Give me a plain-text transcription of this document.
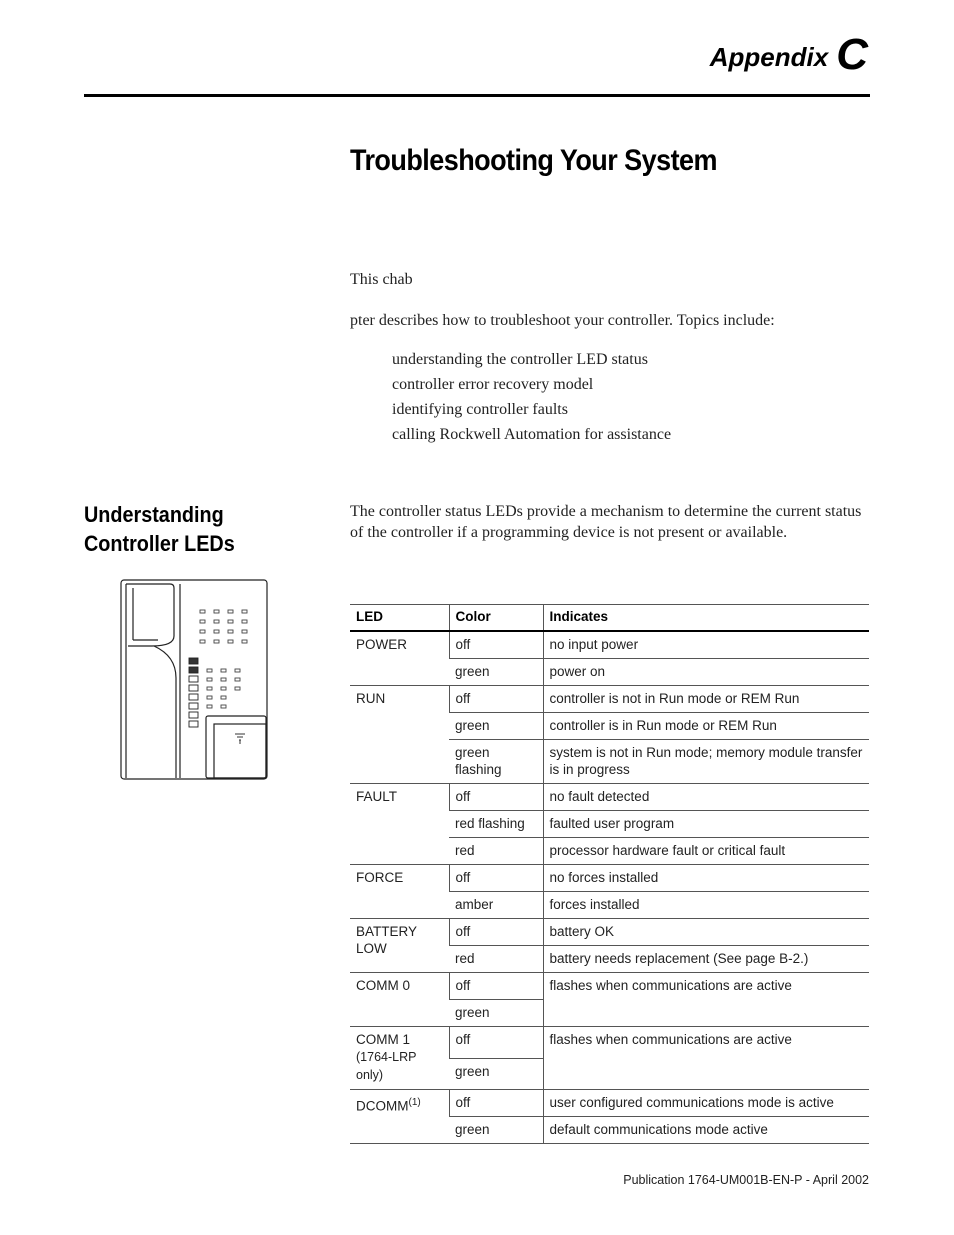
Appendix C
Troubleshooting Your System
This chab
pter describes how to troubleshoot your controller. Topics include:
understanding the controller LED status
controller error recovery model
identifying controller faults
calling Rockwell Automation for assistance
Understanding Controller LEDs
The controller status LEDs provide a mechanism to determine the current status of the controller if a programming device is not present or available.
LED	Color	Indicates
POWER	off	no input power
	green	power on
RUN	off	controller is not in Run mode or REM Run
	green	controller is in Run mode or REM Run
	green flashing	system is not in Run mode; memory module transfer is in progress
FAULT	off	no fault detected
	red flashing	faulted user program
	red	processor hardware fault or critical fault
FORCE	off	no forces installed
	amber	forces installed
BATTERY LOW	off	battery OK
	red	battery needs replacement (See page B-2.)
COMM 0	off	flashes when communications are active
	green	
COMM 1
(1764-LRP only)	off	flashes when communications are active
	green	
DCOMM$^{(1)}$	off	user configured communications mode is active
	green	default communications mode active
Publication 1764-UM001B-EN-P - April 2002
